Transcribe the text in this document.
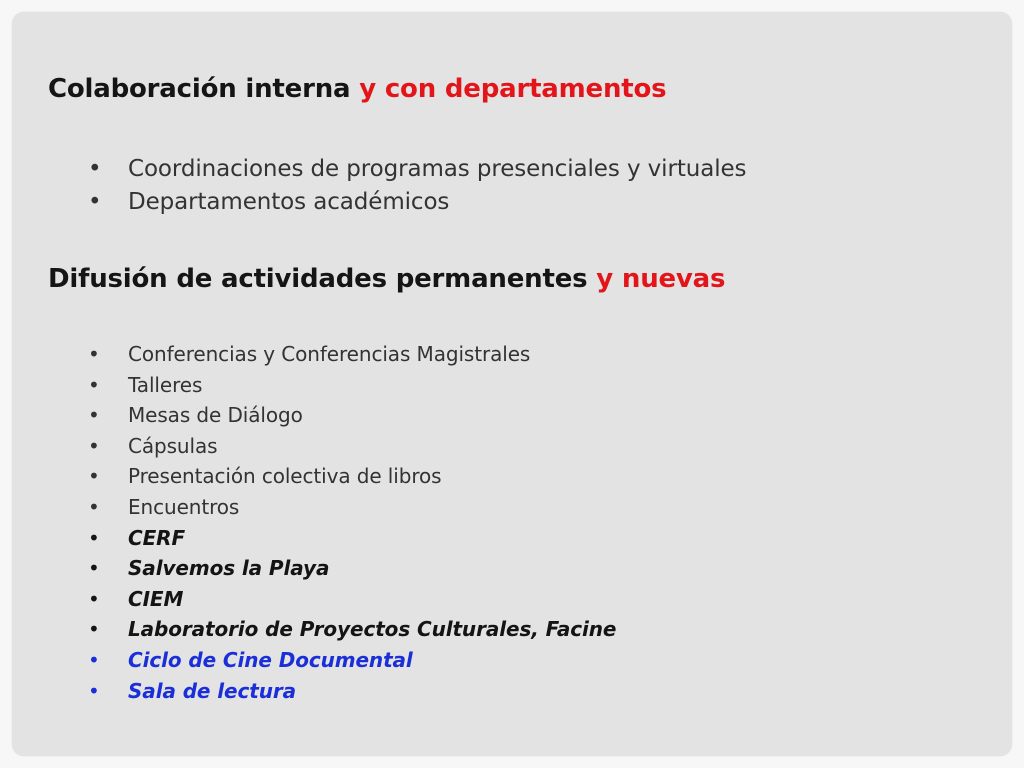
Colaboración interna y con departamentos
• Coordinaciones de programas presenciales y virtuales
• Departamentos académicos
Difusión de actividades permanentes y nuevas
• Conferencias y Conferencias Magistrales
• Talleres
• Mesas de Diálogo
• Cápsulas
• Presentación colectiva de libros
• Encuentros
• CERF
• Salvemos la Playa
• CIEM
• Laboratorio de Proyectos Culturales, Facine
• Ciclo de Cine Documental
• Sala de lectura
